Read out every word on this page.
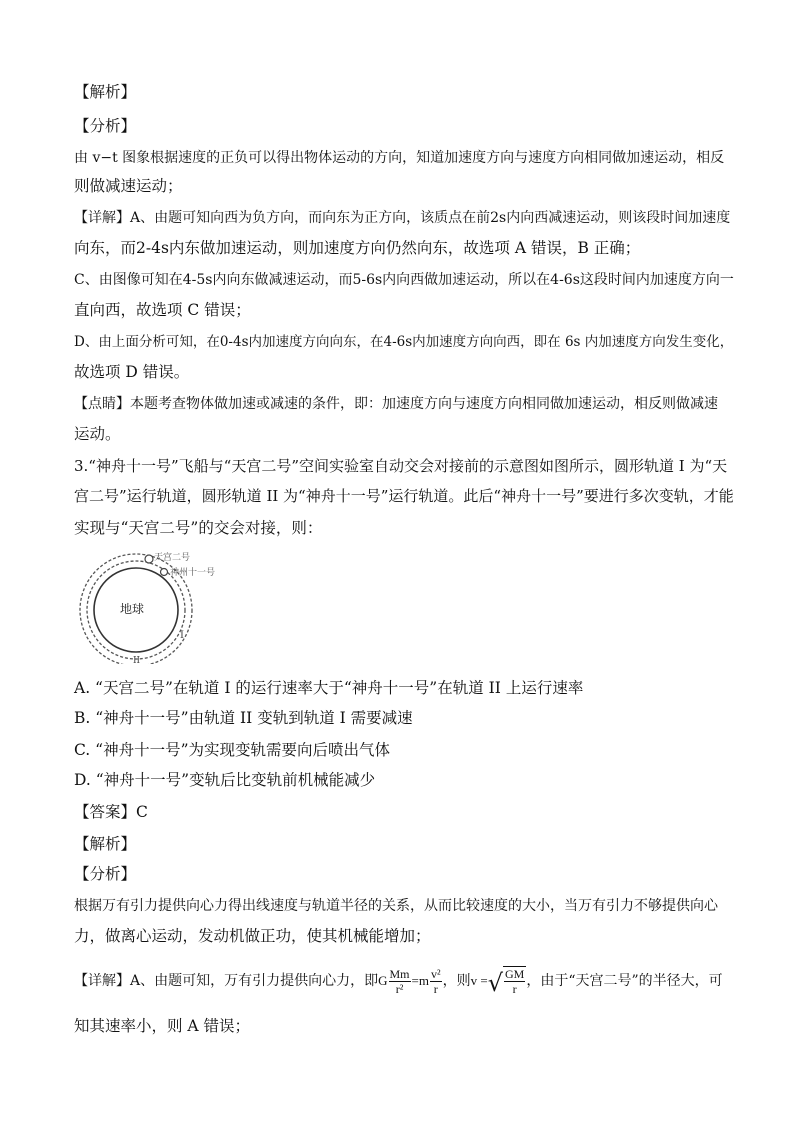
【解析】
【分析】
由 v−t 图象根据速度的正负可以得出物体运动的方向，知道加速度方向与速度方向相同做加速运动，相反
则做减速运动；
【详解】A、由题可知向西为负方向，而向东为正方向，该质点在前2s内向西减速运动，则该段时间加速度
向东，而2-4s内东做加速运动，则加速度方向仍然向东，故选项 A 错误，B 正确；
C、由图像可知在4-5s内向东做减速运动，而5-6s内向西做加速运动，所以在4-6s这段时间内加速度方向一
直向西，故选项 C 错误；
D、由上面分析可知，在0-4s内加速度方向向东，在4-6s内加速度方向向西，即在 6s 内加速度方向发生变化，
故选项 D 错误。
【点睛】本题考查物体做加速或减速的条件，即：加速度方向与速度方向相同做加速运动，相反则做减速
运动。
3.“神舟十一号”飞船与“天宫二号”空间实验室自动交会对接前的示意图如图所示，圆形轨道 I 为“天
宫二号”运行轨道，圆形轨道 II 为“神舟十一号”运行轨道。此后“神舟十一号”要进行多次变轨，才能
实现与“天宫二号”的交会对接，则：
天宫二号
神州十一号
地球
I
II
A. “天宫二号”在轨道 I 的运行速率大于“神舟十一号”在轨道 II 上运行速率
B. “神舟十一号”由轨道 II 变轨到轨道 I 需要减速
C. “神舟十一号”为实现变轨需要向后喷出气体
D. “神舟十一号”变轨后比变轨前机械能减少
【答案】C
【解析】
【分析】
根据万有引力提供向心力得出线速度与轨道半径的关系，从而比较速度的大小，当万有引力不够提供向心
力，做离心运动，发动机做正功，使其机械能增加；
【详解】A、由题可知，万有引力提供向心力，即G $\frac{Mm}{\text{r²}} =m \frac{\text{v²}}{r}$ ，则v = √ $\frac{GM}{r}$ ，由于“天宫二号”的半径大，可
知其速率小，则 A 错误；
